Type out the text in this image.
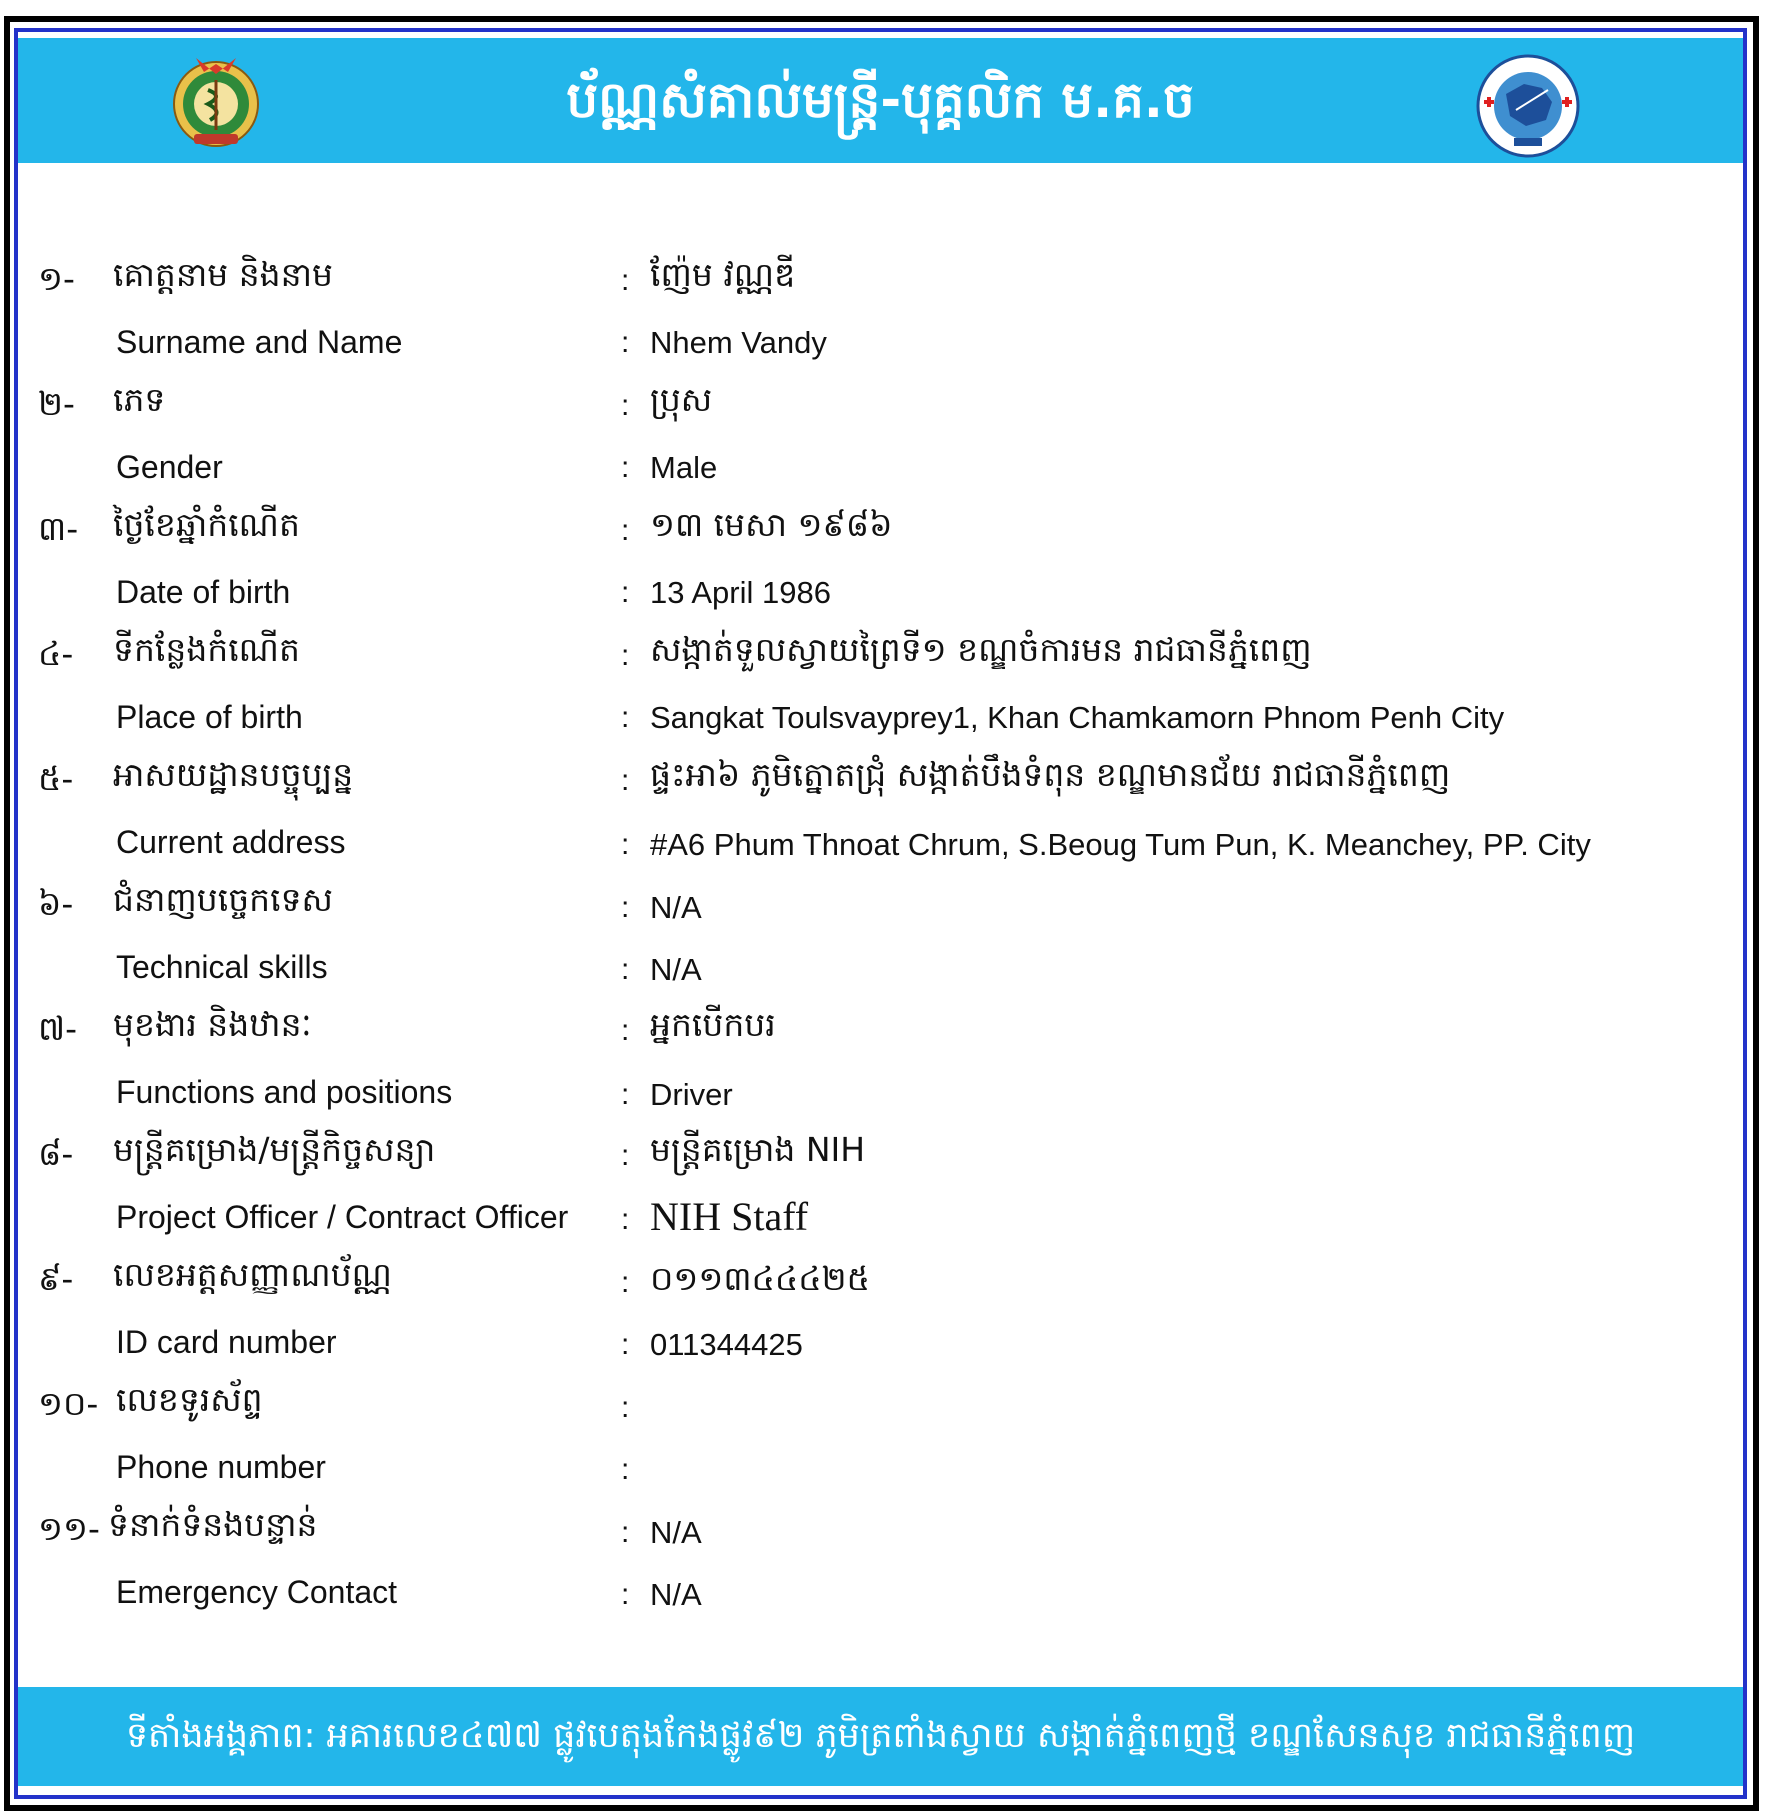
ប័ណ្ណសំគាល់មន្ត្រី-បុគ្គលិក ម.គ.ច
១- គោត្តនាម និងនាម	: ញ៉ែម វណ្ណឌី
Surname and Name	: Nhem Vandy
២- ភេទ	: ប្រុស
Gender	: Male
៣- ថ្ងៃខែឆ្នាំកំណើត	: ១៣ មេសា ១៩៨៦
Date of birth	: 13 April 1986
៤- ទីកន្លែងកំណើត	: សង្កាត់ទួលស្វាយព្រៃទី១ ខណ្ឌចំការមន រាជធានីភ្នំពេញ
Place of birth	: Sangkat Toulsvayprey1, Khan Chamkamorn Phnom Penh City
៥- អាសយដ្ឋានបច្ចុប្បន្ន	: ផ្ទះអា៦ ភូមិត្នោតជ្រុំ សង្កាត់បឹងទំពុន ខណ្ឌមានជ័យ រាជធានីភ្នំពេញ
Current address	: #A6 Phum Thnoat Chrum, S.Beoug Tum Pun, K. Meanchey, PP. City
៦- ជំនាញបច្ចេកទេស	: N/A
Technical skills	: N/A
៧- មុខងារ និងឋានៈ	: អ្នកបើកបរ
Functions and positions	: Driver
៨- មន្ត្រីគម្រោង/មន្ត្រីកិច្ចសន្យា	: មន្ត្រីគម្រោង NIH
Project Officer / Contract Officer : NIH Staff
៩- លេខអត្តសញ្ញាណប័ណ្ណ	: ០១១៣៤៤៤២៥
ID card number	: 011344425
១០- លេខទូរស័ព្ទ	:
Phone number	:
១១- ទំនាក់ទំនងបន្ទាន់	: N/A
Emergency Contact	: N/A
ទីតាំងអង្គភាព: អគារលេខ៤៧៧ ផ្លូវបេតុងកែងផ្លូវ៩២ ភូមិត្រពាំងស្វាយ សង្កាត់ភ្នំពេញថ្មី ខណ្ឌសែនសុខ រាជធានីភ្នំពេញ
